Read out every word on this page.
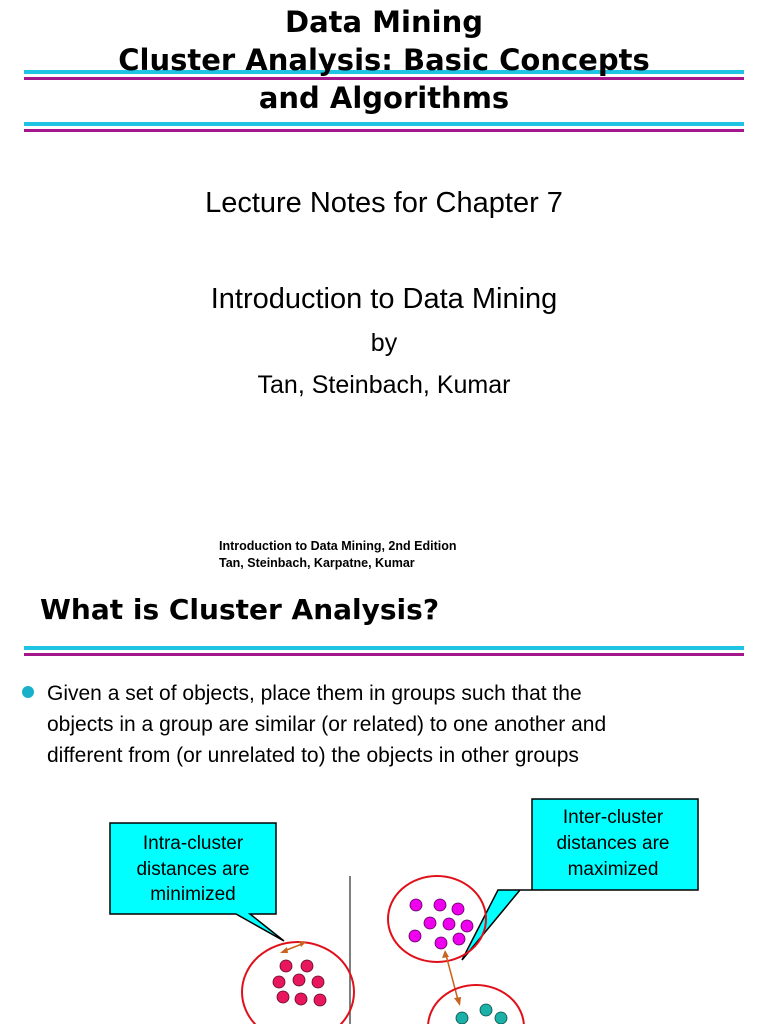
Data Mining
Cluster Analysis: Basic Concepts
and Algorithms
Lecture Notes for Chapter 7
Introduction to Data Mining
by
Tan, Steinbach, Kumar
Introduction to Data Mining, 2nd Edition
Tan, Steinbach, Karpatne, Kumar
What is Cluster Analysis?
Given a set of objects, place them in groups such that the
objects in a group are similar (or related) to one another and
different from (or unrelated to) the objects in other groups
Intra-cluster
distances are
minimized
Inter-cluster
distances are
maximized
